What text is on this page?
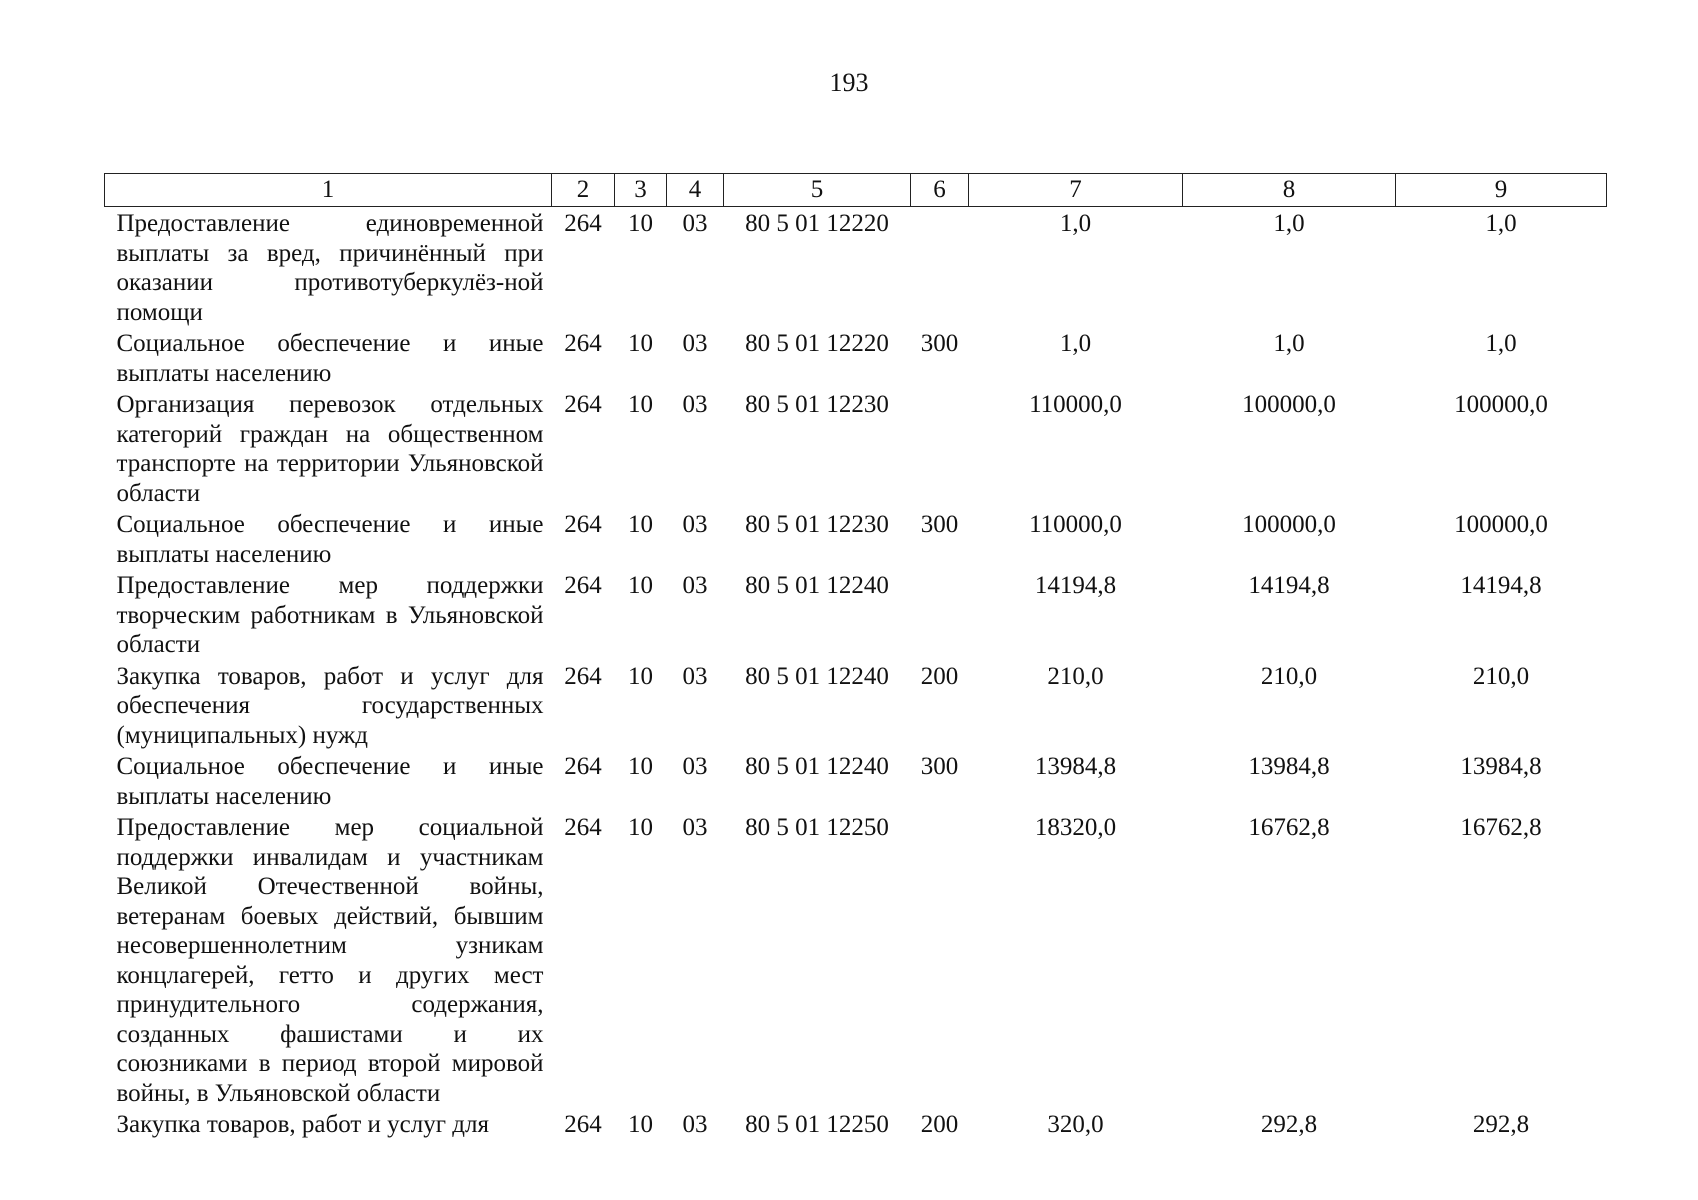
193
1	2	3	4	5	6	7	8	9
Предоставление единовременной выплаты за вред, причинённый при оказании противотуберкулёз-ной помощи	264	10	03	80 5 01 12220		1,0	1,0	1,0
Социальное обеспечение и иные выплаты населению	264	10	03	80 5 01 12220	300	1,0	1,0	1,0
Организация перевозок отдельных категорий граждан на общественном транспорте на территории Ульяновской области	264	10	03	80 5 01 12230		110000,0	100000,0	100000,0
Социальное обеспечение и иные выплаты населению	264	10	03	80 5 01 12230	300	110000,0	100000,0	100000,0
Предоставление мер поддержки творческим работникам в Ульяновской области	264	10	03	80 5 01 12240		14194,8	14194,8	14194,8
Закупка товаров, работ и услуг для обеспечения государственных (муниципальных) нужд	264	10	03	80 5 01 12240	200	210,0	210,0	210,0
Социальное обеспечение и иные выплаты населению	264	10	03	80 5 01 12240	300	13984,8	13984,8	13984,8
Предоставление мер социальной поддержки инвалидам и участникам Великой Отечественной войны, ветеранам боевых действий, бывшим несовершеннолетним узникам концлагерей, гетто и других мест принудительного содержания, созданных фашистами и их союзниками в период второй мировой войны, в Ульяновской области	264	10	03	80 5 01 12250		18320,0	16762,8	16762,8
Закупка товаров, работ и услуг для	264	10	03	80 5 01 12250	200	320,0	292,8	292,8
